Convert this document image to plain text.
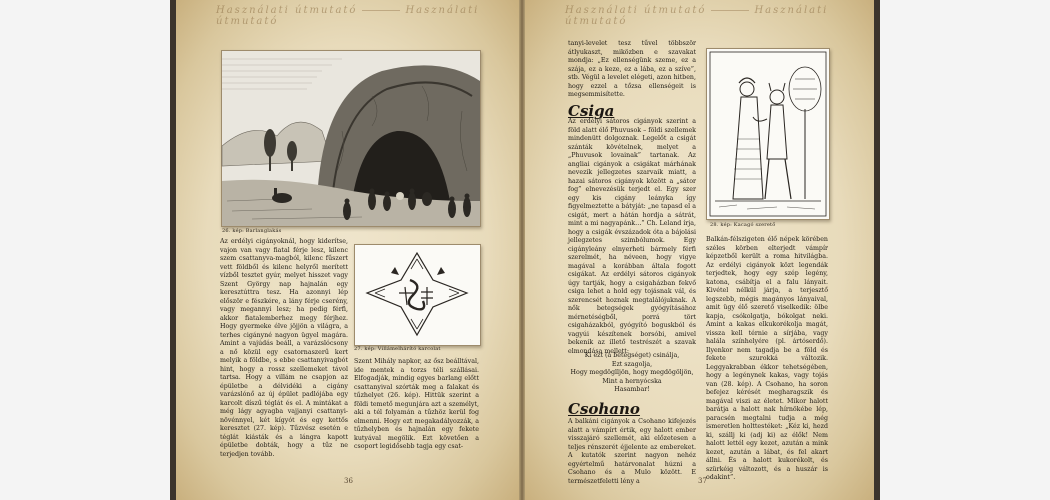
Használati útmutató	Használati útmutató
26. kép: Barlanglakás
27. kép: Villámelhárító karcolat

Az erdélyi cigányoknál, hogy kiderítse, vajon van vagy fiatal férje lesz, kilenc szem csattanyva-magból, kilenc fűszert vett földből és kilenc helyről merített vízből tesztet gyúr, melyet hisszet vagy Szent György nap hajnalán egy keresztúttra tesz. Ha azonnyi lép először e fészkére, a lány férje cserény, vagy megannyi lesz; ha pedig férfi, akkor fiatalemberhez megy férjhez. Hogy gyermeke élve jöjjön a világra, a terhes cigányné nagyon ügyel magára. Amint a vajúdás beáll, a varázslócsony a nő közül egy csatornaszerű kert melyik a földbe, s ebbe csattanyivagbót hint, hogy a rossz szellemeket távol tartsa. Hogy a villám ne csapjon az épületbe a délvidéki a cigány varázslónő az új épület padlójába egy karcolt díszű téglát és el. A mintákat a még lágy agyagba vajjanyi csattanyi-növénnyel, két kígyót és egy kettős keresztet (27. kép). Tűzvész esetén e téglát kiásták és a lángra kapott épületbe dobták, hogy a tűz ne terjedjen tovább.

Szent Mihály napkor, az ősz beálltával, ide mentek a torzs téli szállásai. Elfogadják, mindig egyes barlang előtt csattanyival szórták meg a falakat és tűzhelyet (26. kép). Hittük szerint a földi temető megunjára azt a személyt, aki a tél folyamán a tűzhöz kerül fog elmenni. Hogy ezt megakadályozzák, a tűzhelyben és hajnalán egy fekete kutyával megölik. Ezt követően a csoport legidősebb tagja egy csat-

36
Használati útmutató	Használati útmutató

tanyi-levelet tesz tűvel többször átlyukaszt, miközben e szavakat mondja: „Ez ellenségünk szeme, ez a szája, ez a keze, ez a lába, ez a szíve”, stb. Végül a levelet elégeti, azon hitben, hogy ezzel a tőzsa ellenségeit is megsemmisítette.

Csiga

Az erdélyi sátoros cigányok szerint a föld alatt élő Phuvusok – földi szellemek mindenütt dolgoznak. Legelőt a csigát szánták kövételnek, melyet a „Phuvusok lovainak” tartanak. Az angliai cigányok a csigákat márhának nevezik jellegzetes szarvaik miatt, a hazai sátoros cigányok között a „sátor fog” elnevezésük terjedt el. Egy szer egy kis cigány leányka így figyelmeztette a bátyját: „ne tapasd el a csigát, mert a hátán hordja a sátrát, mint a mi nagyapánk…” Ch. Leland írja, hogy a csigák évszázadok óta a bájolási jellegzetes szimbólumok. Egy cigányleány elnyerheti bármely férfi szerelmét, ha néveen, hogy vigye magával a korábban általa fogott csigákat. Az erdélyi sátoros cigányok úgy tartják, hogy a csigaházban fekvő csiga lehet a hold egy tojásnak vál, és szerencsét hoznak megtalálójuknak. A nők betegségek gyógyításához mérnetéségből, porrá tört csigaházakból, gyógyító boguskból és vagyúi készítenek borsóbi, amivel bekenik az illető testrészét a szavak elmondása mellett:

Ki ezt (a betegséget) csinálja,
Ezt szagolja,
Hogy megdöglljön, hogy megdögöljön,
Mint a hernyócska
Hasambar!
Csohano

A balkáni cigányok a Csohano kifejezés alatt a vámpírt értik, egy halott ember visszajáró szellemét, aki előzetesen a teljes rénszerét éjjelente az embereket. A kutatók szerint nagyon nehéz egyértelmű határvonalat húzni a Csohano és a Mulo között. E természetfeletti lény a

28. kép: Kacagó szerető

Balkán-félszigeten élő népek körében széles körben elterjedt vámpír képzetből került a roma hitvilágba. Az erdélyi cigányok közt legendák terjedtek, hogy egy szép legény, katona, csábítja el a falu lányait. Kivétel nélkül járja, a terjesztő legszebb, mégis magányos lányaival, amit ügy élő szerető viselkedik: ölbe kapja, csókolgatja, bókolgat neki. Amint a kakas elkukorékolja magát, vissza kell térnie a sírjába, vagy halála színhelyére (pl. ártóserdő). Ilyenkor nem tagadja be a föld és fekete szurokká változik. Leggyakrabban ékkor tehetségében, hogy a legénynek kakas, vagy tojás van (28. kép). A Csohano, ha soron befejez kérését megharagszik és magával viszi az életet. Mikor halott barátja a halott nak hírnökébe lép, paracsén megtalni tudja a még ismeretlen holttestéket: „Kéz ki, hezd ki, szállj ki (adj ki) az élők! Nem halott lettél egy kezet, azután a mink kezet, azután a lábat, és fel akart állni. És a halott kukorékolt, és szürkéig változott, és a huszár is odakint”.

37
